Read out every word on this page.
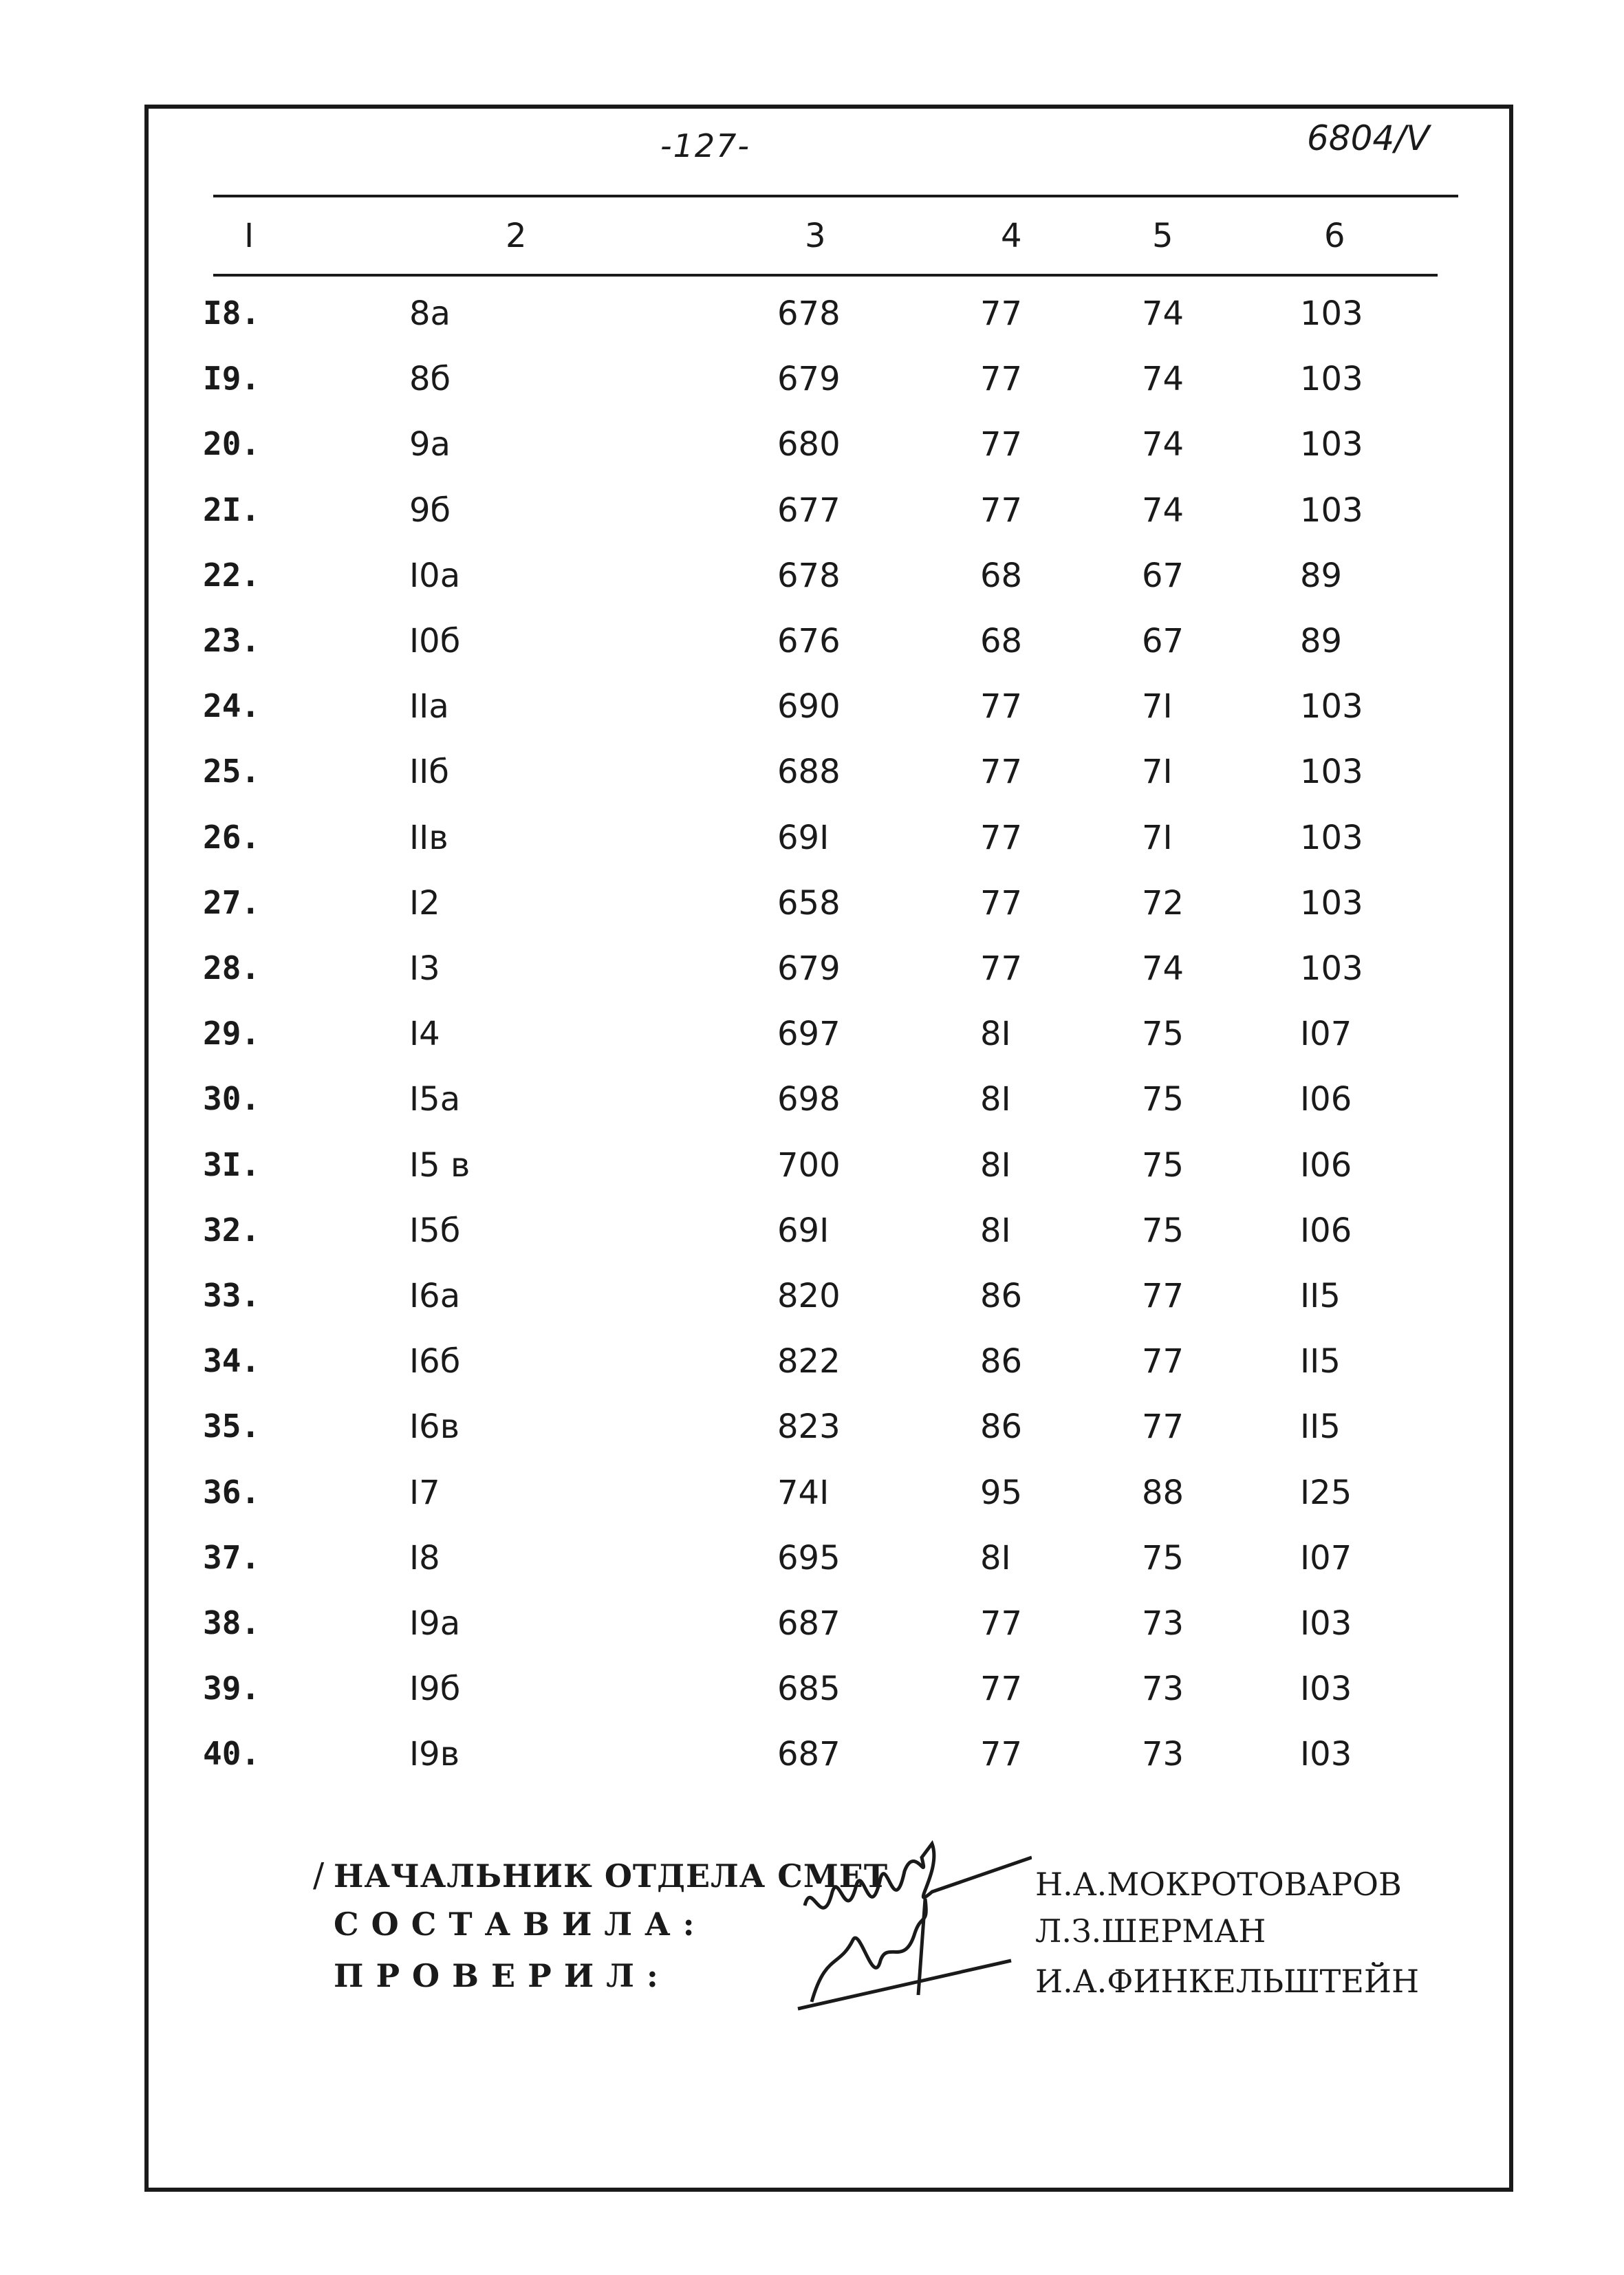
-127-	6804/V
I	2	3	4	5	6
I8.	8а	678	77	74	103
I9.	8б	679	77	74	103
20.	9а	680	77	74	103
2I.	9б	677	77	74	103
22.	I0а	678	68	67	89
23.	I0б	676	68	67	89
24.	IIа	690	77	7I	103
25.	IIб	688	77	7I	103
26.	IIв	69I	77	7I	103
27.	I2	658	77	72	103
28.	I3	679	77	74	103
29.	I4	697	8I	75	I07
30.	I5а	698	8I	75	I06
3I.	I5 в	700	8I	75	I06
32.	I5б	69I	8I	75	I06
33.	I6а	820	86	77	II5
34.	I6б	822	86	77	II5
35.	I6в	823	86	77	II5
36.	I7	74I	95	88	I25
37.	I8	695	8I	75	I07
38.	I9а	687	77	73	I03
39.	I9б	685	77	73	I03
40.	I9в	687	77	73	I03
/ НАЧАЛЬНИК ОТДЕЛА СМЕТ
С О С Т А В И Л А :
П Р О В Е Р И Л :
Н.А.МОКРОТОВАРОВ
Л.З.ШЕРМАН
И.А.ФИНКЕЛЬШТЕЙН
